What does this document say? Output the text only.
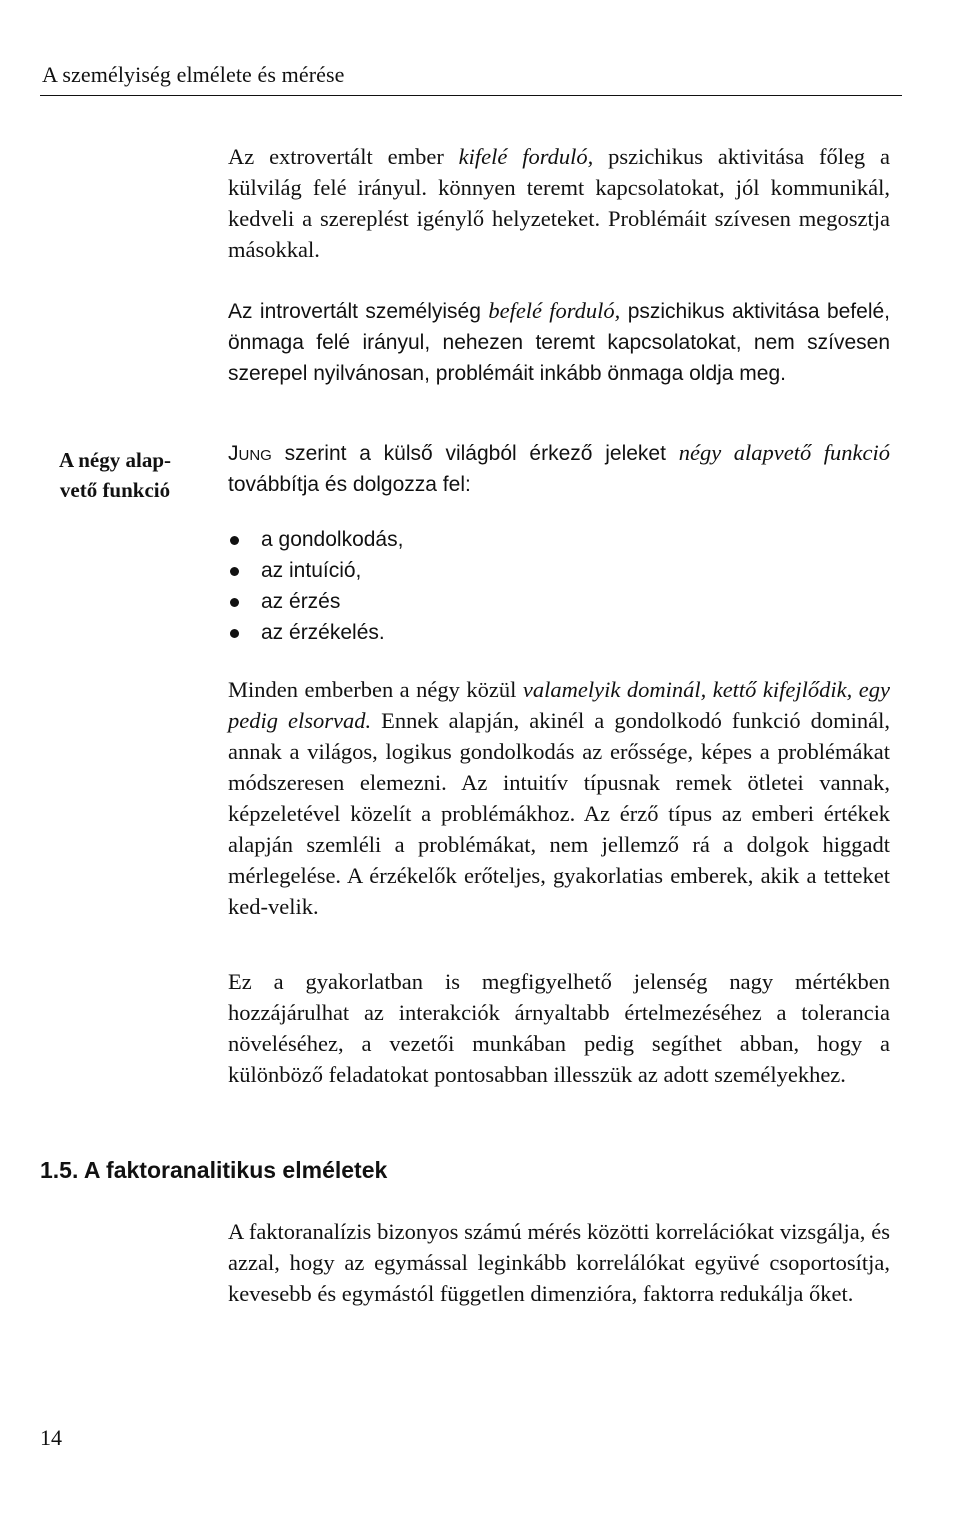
A személyiség elmélete és mérése

Az extrovertált ember kifelé forduló, pszichikus aktivitása főleg a külvilág felé irányul. könnyen teremt kapcsolatokat, jól kommunikál, kedveli a szereplést igénylő helyzeteket. Problémáit szívesen megosztja másokkal.

Az introvertált személyiség befelé forduló, pszichikus aktivitása befelé, önmaga felé irányul, nehezen teremt kapcsolatokat, nem szívesen szerepel nyilvánosan, problémáit inkább önmaga oldja meg.

A négy alap-
vető funkció

Jung szerint a külső világból érkező jeleket négy alapvető funkció továbbítja és dolgozza fel:

a gondolkodás,
az intuíció,
az érzés
az érzékelés.

Minden emberben a négy közül valamelyik dominál, kettő kifejlődik, egy pedig elsorvad. Ennek alapján, akinél a gondolkodó funkció dominál, annak a világos, logikus gondolkodás az erőssége, képes a problémákat módszeresen elemezni. Az intuitív típusnak remek ötletei vannak, képzeletével közelít a problémákhoz. Az érző típus az emberi értékek alapján szemléli a problémákat, nem jellemző rá a dolgok higgadt mérlegelése. A érzékelők erőteljes, gyakorlatias emberek, akik a tetteket ked-velik.

Ez a gyakorlatban is megfigyelhető jelenség nagy mértékben hozzájárulhat az interakciók árnyaltabb értelmezéséhez a tolerancia növeléséhez, a vezetői munkában pedig segíthet abban, hogy a különböző feladatokat pontosabban illesszük az adott személyekhez.

1.5. A faktoranalitikus elméletek

A faktoranalízis bizonyos számú mérés közötti korrelációkat vizsgálja, és azzal, hogy az egymással leginkább korrelálókat együvé csoportosítja, kevesebb és egymástól független dimenzióra, faktorra redukálja őket.

14
